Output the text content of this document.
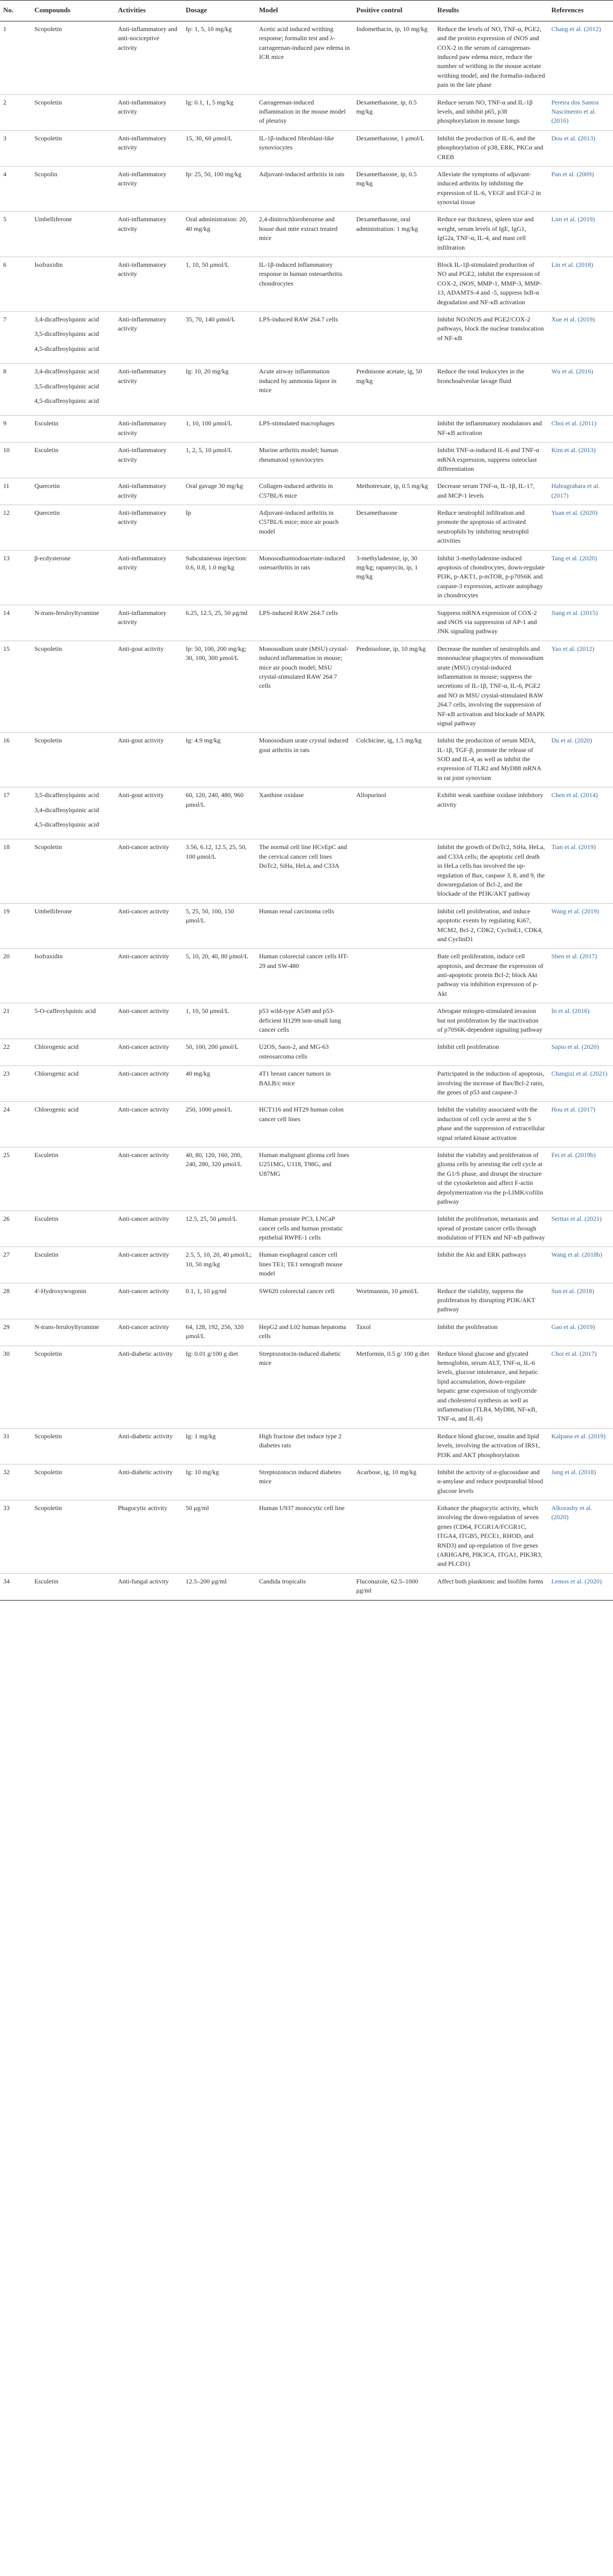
No.	Compounds	Activities	Dosage	Model	Positive control	Results	References
1	Scopoletin	Anti-inflammatory and anti-nociceptive activity	Ip: 1, 5, 10 mg/kg	Acetic acid induced writhing response; formalin test and λ-carrageenan-induced paw edema in ICR mice	Indomethacin, ip, 10 mg/kg	Reduce the levels of NO, TNF-α, PGE2, and the protein expression of iNOS and COX-2 in the serum of carrageenan-induced paw edema mice, reduce the number of writhing in the mouse acetate writhing model, and the formalin-induced pain in the late phase	Chang et al. (2012)
2	Scopoletin	Anti-inflammatory activity	Ig: 0.1, 1, 5 mg/kg	Carrageenan-induced inflammation in the mouse model of pleurisy	Dexamethasone, ip, 0.5 mg/kg	Reduce serum NO, TNF-α and IL-1β levels, and inhibit p65, p38 phosphorylation in mouse lungs	Pereira dos Santos Nascimento et al. (2016)
3	Scopoletin	Anti-inflammatory activity	15, 30, 60 μmol/L	IL-1β-induced fibroblast-like synoviocytes	Dexamethasone, 1 μmol/L	Inhibit the production of IL-6, and the phosphorylation of p38, ERK, PKCα and CREB	Dou et al. (2013)
4	Scopolin	Anti-inflammatory activity	Ip: 25, 50, 100 mg/kg	Adjuvant-induced arthritis in rats	Dexamethasone, ip, 0.5 mg/kg	Alleviate the symptoms of adjuvant-induced arthritis by inhibiting the expression of IL-6, VEGF and FGF-2 in synovial tissue	Pan et al. (2009)
5	Umbelliferone	Anti-inflammatory activity	Oral administration: 20, 40 mg/kg	2,4-dinitrochlorobenzene and house dust mite extract treated mice	Dexamethasone, oral administration: 1 mg/kg	Reduce ear thickness, spleen size and weight, serum levels of IgE, IgG1, IgG2a, TNF-α, IL-4, and mast cell infiltration	Lim et al. (2019)
6	Isofraxidin	Anti-inflammatory activity	1, 10, 50 μmol/L	IL-1β-induced inflammatory response in human osteoarthritis chondrocytes		Block IL-1β-stimulated production of NO and PGE2, inhibit the expression of COX-2, iNOS, MMP-1, MMP-3, MMP-13, ADAMTS-4 and -5, suppress IκB-α degradation and NF-κB activation	Lin et al. (2018)
7	3,4-dicaffeoylquinic acid
3,5-dicaffeoylquinic acid
4,5-dicaffeoylquinic acid	Anti-inflammatory activity	35, 70, 140 μmol/L	LPS-induced RAW 264.7 cells		Inhibit NO/iNOS and PGE2/COX-2 pathways, block the nuclear translocation of NF-κB	Xue et al. (2019)
8	3,4-dicaffeoylquinic acid
3,5-dicaffeoylquinic acid
4,5-dicaffeoylquinic acid	Anti-inflammatory activity	Ig: 10, 20 mg/kg	Acute airway inflammation induced by ammonia liquor in mice	Prednisone acetate, ig, 50 mg/kg	Reduce the total leukocytes in the bronchoalveolar lavage fluid	Wu et al. (2016)
9	Esculetin	Anti-inflammatory activity	1, 10, 100 μmol/L	LPS-stimulated macrophages		Inhibit the inflammatory modulators and NF-κB activation	Choi et al. (2011)
10	Esculetin	Anti-inflammatory activity	1, 2, 5, 10 μmol/L	Murine arthritis model; human rheumatoid synoviocytes		Inhibit TNF-α-induced IL-6 and TNF-α mRNA expression, suppress osteoclast differentiation	Kim et al. (2013)
11	Quercetin	Anti-inflammatory activity	Oral gavage 30 mg/kg	Collagen-induced arthritis in C57BL/6 mice	Methotrexate, ip, 0.5 mg/kg	Decrease serum TNF-α, IL-1β, IL-17, and MCP-1 levels	Haleagrahara et al. (2017)
12	Quercetin	Anti-inflammatory activity	Ip	Adjuvant-induced arthritis in C57BL/6 mice; mice air pouch model	Dexamethasone	Reduce neutrophil infiltration and promote the apoptosis of activated neutrophils by inhibiting neutrophil activities	Yuan et al. (2020)
13	β-ecdysterone	Anti-inflammatory activity	Subcutaneous injection: 0.6, 0.8, 1.0 mg/kg	Monosodiumiodoacetate-induced osteoarthritis in rats	3-methyladenine, ip, 30 mg/kg; rapamycin, ip, 1 mg/kg	Inhibit 3-methyladenine-induced apoptosis of chondrocytes, down-regulate PI3K, p-AKT1, p-mTOR, p-p70S6K and caspase-3 expression, activate autophagy in chondrocytes	Tang et al. (2020)
14	N-trans-feruloyltyramine	Anti-inflammatory activity	6.25, 12.5, 25, 50 μg/ml	LPS-induced RAW 264.7 cells		Suppress mRNA expression of COX-2 and iNOS via suppression of AP-1 and JNK signaling pathway	Jiang et al. (2015)
15	Scopoletin	Anti-gout activity	Ip: 50, 100, 200 mg/kg; 30, 100, 300 μmol/L	Monosodium urate (MSU) crystal-induced inflammation in mouse; mice air pouch model; MSU crystal-stimulated RAW 264.7 cells	Prednisolone, ip, 10 mg/kg	Decrease the number of neutrophils and mononuclear phagocytes of monosodium urate (MSU) crystal-induced inflammation in mouse; suppress the secretions of IL-1β, TNF-α, IL-6, PGE2 and NO in MSU crystal-stimulated RAW 264.7 cells, involving the suppression of NF-κB activation and blockade of MAPK signal pathway	Yao et al. (2012)
16	Scopoletin	Anti-gout activity	Ig: 4.9 mg/kg	Monosodium urate crystal induced gout arthritis in rats	Colchicine, ig, 1.5 mg/kg	Inhibit the production of serum MDA, IL-1β, TGF-β, promote the release of SOD and IL-4, as well as inhibit the expression of TLR2 and MyD88 mRNA in rat joint synovium	Du et al. (2020)
17	3,5-dicaffeoylquinic acid
3,4-dicaffeoylquinic acid
4,5-dicaffeoylquinic acid	Anti-gout activity	60, 120, 240, 480, 960 μmol/L	Xanthine oxidase	Allopurinol	Exhibit weak xanthine oxidase inhibitory activity	Chen et al. (2014)
18	Scopoletin	Anti-cancer activity	3.56, 6.12, 12.5, 25, 50, 100 μmol/L	The normal cell line HCvEpC and the cervical cancer cell lines DoTc2, SiHa, HeLa, and C33A		Inhibit the growth of DoTc2, SiHa, HeLa, and C33A cells; the apoptotic cell death in HeLa cells has involved the up-regulation of Bax, caspase 3, 8, and 9, the downregulation of Bcl-2, and the blockade of the PI3K/AKT pathway	Tian et al. (2019)
19	Umbelliferone	Anti-cancer activity	5, 25, 50, 100, 150 μmol/L	Human renal carcinoma cells		Inhibit cell proliferation, and induce apoptotic events by regulating Ki67, MCM2, Bcl-2, CDK2, CyclinE1, CDK4, and CyclinD1	Wang et al. (2019)
20	Isofraxidin	Anti-cancer activity	5, 10, 20, 40, 80 μmol/L	Human colorectal cancer cells HT-29 and SW-480		Bate cell proliferation, induce cell apoptosis, and decrease the expression of anti-apoptotic protein Bcl-2; block Akt pathway via inhibition expression of p-Akt	Shen et al. (2017)
21	5-O-caffeoylquinic acid	Anti-cancer activity	1, 10, 50 μmol/L	p53 wild-type A549 and p53-deficient H1299 non-small lung cancer cells		Abrogate mitogen-stimulated invasion but not proliferation by the inactivation of p70S6K-dependent signaling pathway	In et al. (2016)
22	Chlorogenic acid	Anti-cancer activity	50, 100, 200 μmol/L	U2OS, Saos-2, and MG-63 osteosarcoma cells		Inhibit cell proliferation	Sapio et al. (2020)
23	Chlorogenic acid	Anti-cancer activity	40 mg/kg	4T1 breast cancer tumors in BALB/c mice		Participated in the induction of apoptosis, involving the increase of Bax/Bcl-2 ratio, the genes of p53 and caspase-3	Changizi et al. (2021)
24	Chlorogenic acid	Anti-cancer activity	250, 1000 μmol/L	HCT116 and HT29 human colon cancer cell lines		Inhibit the viability associated with the induction of cell cycle arrest at the S phase and the suppression of extracellular signal related kinase activation	Hou et al. (2017)
25	Esculetin	Anti-cancer activity	40, 80, 120, 160, 200, 240, 280, 320 μmol/L	Human malignant glioma cell lines U251MG, U118, T98G, and U87MG		Inhibit the viability and proliferation of glioma cells by arresting the cell cycle at the G1/S phase, and disrupt the structure of the cytoskeleton and affect F-actin depolymerization via the p-LIMK/cofilin pathway	Fei et al. (2019b)
26	Esculetin	Anti-cancer activity	12.5, 25, 50 μmol/L	Human prostate PC3, LNCaP cancer cells and human prostatic epithelial RWPE-1 cells		Inhibit the proliferation, metastasis and spread of prostate cancer cells through modulation of PTEN and NF-κB pathway	Serttas et al. (2021)
27	Esculetin	Anti-cancer activity	2.5, 5, 10, 20, 40 μmol/L; 10, 50 mg/kg	Human esophageal cancer cell lines TE1; TE1 xenograft mouse model		Inhibit the Akt and ERK pathways	Wang et al. (2018b)
28	4'-Hydroxywogonin	Anti-cancer activity	0.1, 1, 10 μg/ml	SW620 colorectal cancer cell	Wortmannin, 10 μmol/L	Reduce the viability, suppress the proliferation by disrupting PI3K/AKT pathway	Sun et al. (2018)
29	N-trans-feruloyltyramine	Anti-cancer activity	64, 128, 192, 256, 320 μmol/L	HepG2 and L02 human hepatoma cells	Taxol	Inhibit the proliferation	Gao et al. (2019)
30	Scopoletin	Anti-diabetic activity	Ig: 0.01 g/100 g diet	Streptozotocin-induced diabetic mice	Metformin, 0.5 g/ 100 g diet	Reduce blood glucose and glycated hemoglobin, serum ALT, TNF-α, IL-6 levels, glucose intolerance, and hepatic lipid accumulation, down-regulate hepatic gene expression of triglyceride and cholesterol synthesis as well as inflammation (TLR4, MyD88, NF-κB, TNF-α, and IL-6)	Choi et al. (2017)
31	Scopoletin	Anti-diabetic activity	Ig: 1 mg/kg	High fructose diet induce type 2 diabetes rats		Reduce blood glucose, insulin and lipid levels, involving the activation of IRS1, PI3K and AKT phosphorylation	Kalpana et al. (2019)
32	Scopoletin	Anti-diabetic activity	Ig: 10 mg/kg	Streptozotocin induced diabetes mice	Acarbose, ig, 10 mg/kg	Inhibit the activity of α-glucosidase and α-amylase and reduce postprandial blood glucose levels	Jang et al. (2018)
33	Scopoletin	Phagocytic activity	50 μg/ml	Human U937 monocytic cell line		Enhance the phagocytic activity, which involving the down-regulation of seven genes (CD64, FCGR1A/FCGR1C, ITGA4, ITGB5, PECE1, RHOD, and RND3) and up-regulation of five genes (ARHGAP8, PIK3CA, ITGA1, PIK3R3, and PLCD1)	Alkorashy et al. (2020)
34	Esculetin	Anti-fungal activity	12.5–200 μg/ml	Candida tropicalis	Fluconazole, 62.5–1000 μg/ml	Affect both planktonic and biofilm forms	Lemos et al. (2020)
